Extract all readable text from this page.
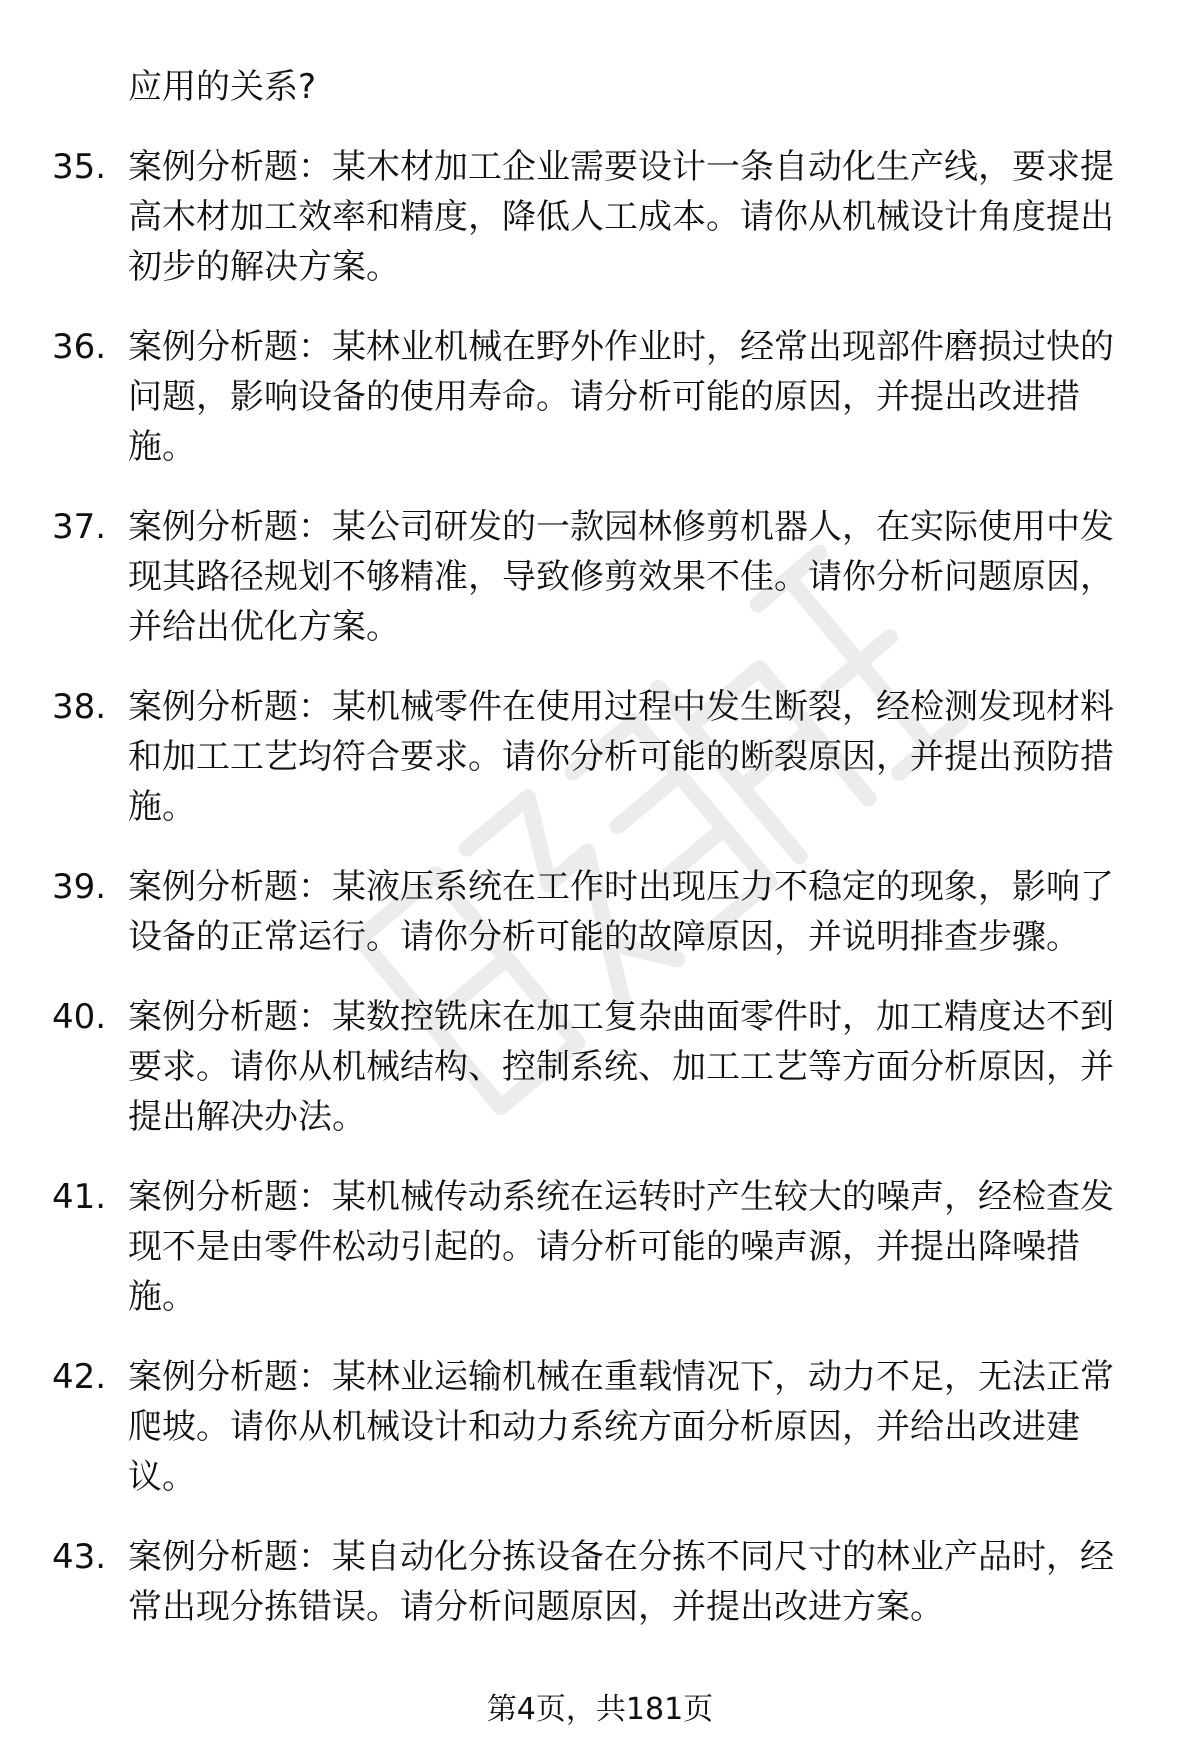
应用的关系?
35. 案例分析题：某木材加工企业需要设计一条自动化生产线，要求提高木材加工效率和精度，降低人工成本。请你从机械设计角度提出初步的解决方案。
36. 案例分析题：某林业机械在野外作业时，经常出现部件磨损过快的问题，影响设备的使用寿命。请分析可能的原因，并提出改进措施。
37. 案例分析题：某公司研发的一款园林修剪机器人，在实际使用中发现其路径规划不够精准，导致修剪效果不佳。请你分析问题原因，并给出优化方案。
38. 案例分析题：某机械零件在使用过程中发生断裂，经检测发现材料和加工工艺均符合要求。请你分析可能的断裂原因，并提出预防措施。
39. 案例分析题：某液压系统在工作时出现压力不稳定的现象，影响了设备的正常运行。请你分析可能的故障原因，并说明排查步骤。
40. 案例分析题：某数控铣床在加工复杂曲面零件时，加工精度达不到要求。请你从机械结构、控制系统、加工工艺等方面分析原因，并提出解决办法。
41. 案例分析题：某机械传动系统在运转时产生较大的噪声，经检查发现不是由零件松动引起的。请分析可能的噪声源，并提出降噪措施。
42. 案例分析题：某林业运输机械在重载情况下，动力不足，无法正常爬坡。请你从机械设计和动力系统方面分析原因，并给出改进建议。
43. 案例分析题：某自动化分拣设备在分拣不同尺寸的林业产品时，经常出现分拣错误。请分析问题原因，并提出改进方案。
第4页，共181页
